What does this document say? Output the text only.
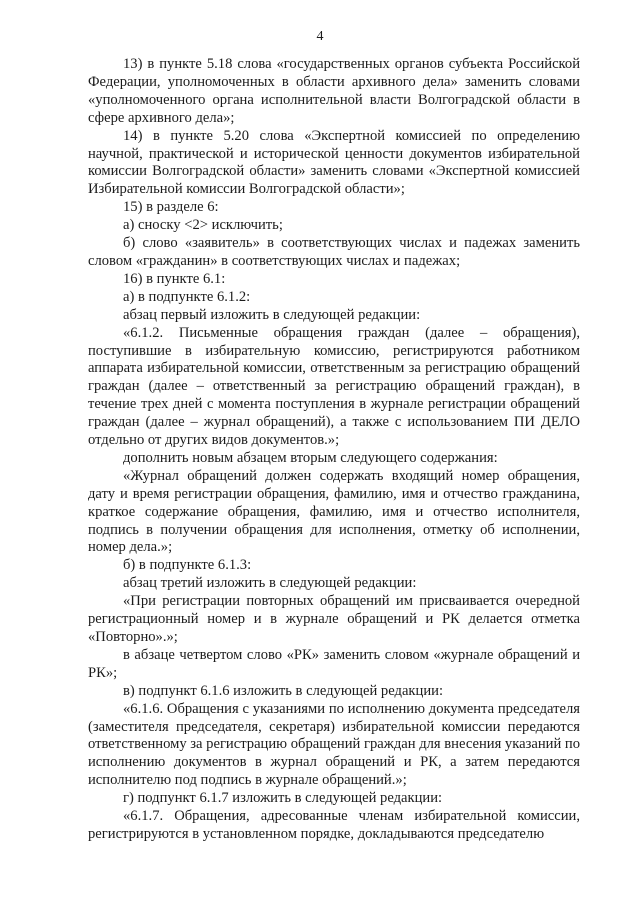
4

13) в пункте 5.18 слова «государственных органов субъекта Российской Федерации, уполномоченных в области архивного дела» заменить словами «уполномоченного органа исполнительной власти Волгоградской области в сфере архивного дела»;

14) в пункте 5.20 слова «Экспертной комиссией по определению научной, практической и исторической ценности документов избирательной комиссии Волгоградской области» заменить словами «Экспертной комиссией Избирательной комиссии Волгоградской области»;

15) в разделе 6:

а) сноску <2> исключить;

б) слово «заявитель» в соответствующих числах и падежах заменить словом «гражданин» в соответствующих числах и падежах;

16) в пункте 6.1:

а) в подпункте 6.1.2:

абзац первый изложить в следующей редакции:

«6.1.2. Письменные обращения граждан (далее – обращения), поступившие в избирательную комиссию, регистрируются работником аппарата избирательной комиссии, ответственным за регистрацию обращений граждан (далее – ответственный за регистрацию обращений граждан), в течение трех дней с момента поступления в журнале регистрации обращений граждан (далее – журнал обращений), а также с использованием ПИ ДЕЛО отдельно от других видов документов.»;

дополнить новым абзацем вторым следующего содержания:

«Журнал обращений должен содержать входящий номер обращения, дату и время регистрации обращения, фамилию, имя и отчество гражданина, краткое содержание обращения, фамилию, имя и отчество исполнителя, подпись в получении обращения для исполнения, отметку об исполнении, номер дела.»;

б) в подпункте 6.1.3:

абзац третий изложить в следующей редакции:

«При регистрации повторных обращений им присваивается очередной регистрационный номер и в журнале обращений и РК делается отметка «Повторно».»;

в абзаце четвертом слово «РК» заменить словом «журнале обращений и РК»;

в) подпункт 6.1.6 изложить в следующей редакции:

«6.1.6. Обращения с указаниями по исполнению документа председателя (заместителя председателя, секретаря) избирательной комиссии передаются ответственному за регистрацию обращений граждан для внесения указаний по исполнению документов в журнал обращений и РК, а затем передаются исполнителю под подпись в журнале обращений.»;

г) подпункт 6.1.7 изложить в следующей редакции:

«6.1.7. Обращения, адресованные членам избирательной комиссии, регистрируются в установленном порядке, докладываются председателю
